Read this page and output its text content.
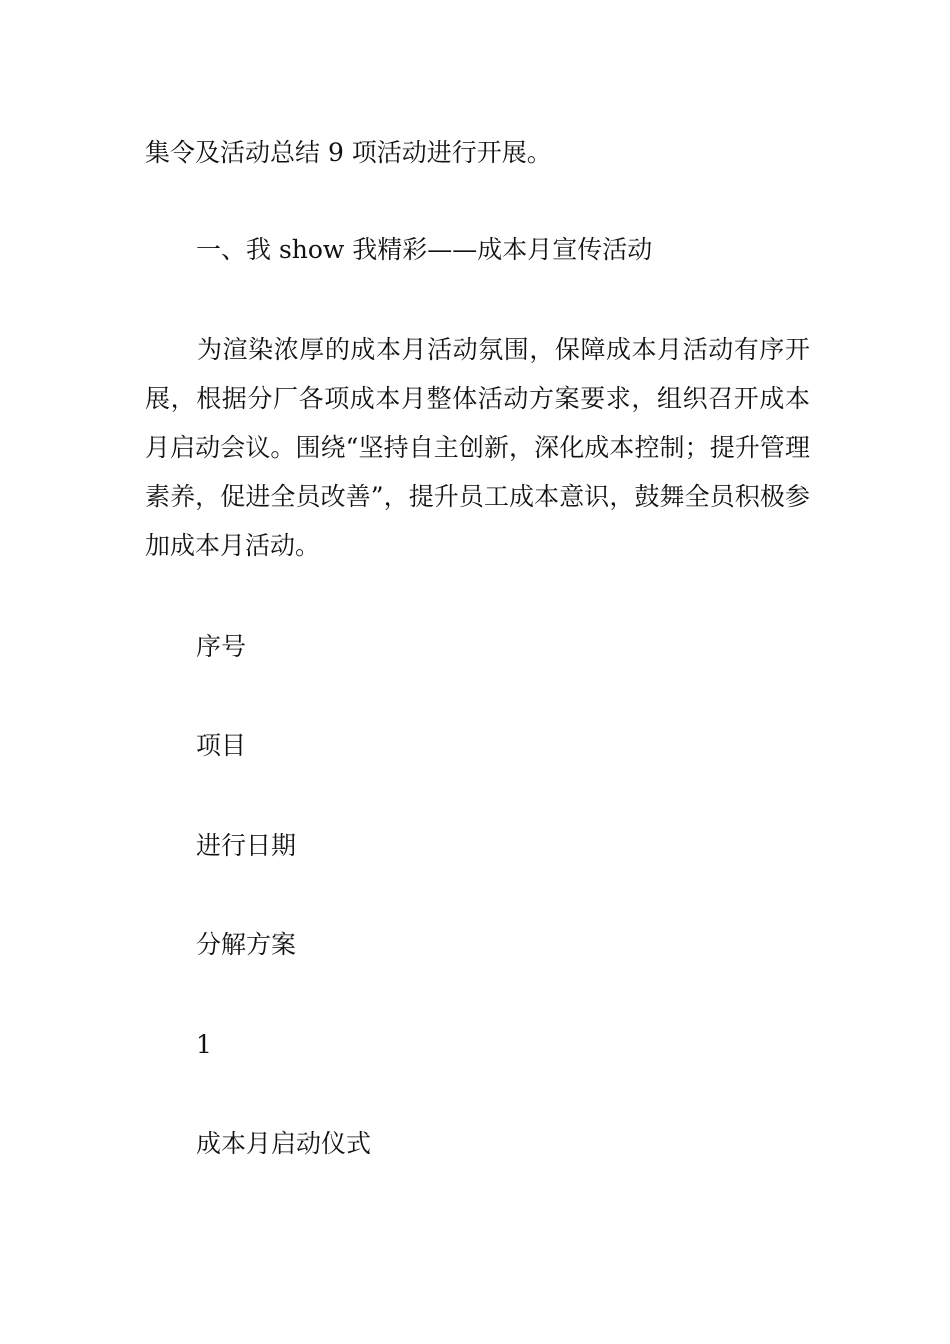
集令及活动总结 9 项活动进行开展。

一、我 show 我精彩——成本月宣传活动

为渲染浓厚的成本月活动氛围，保障成本月活动有序开展，根据分厂各项成本月整体活动方案要求，组织召开成本月启动会议。围绕“坚持自主创新，深化成本控制；提升管理素养，促进全员改善”，提升员工成本意识，鼓舞全员积极参加成本月活动。

序号

项目

进行日期

分解方案

1

成本月启动仪式
